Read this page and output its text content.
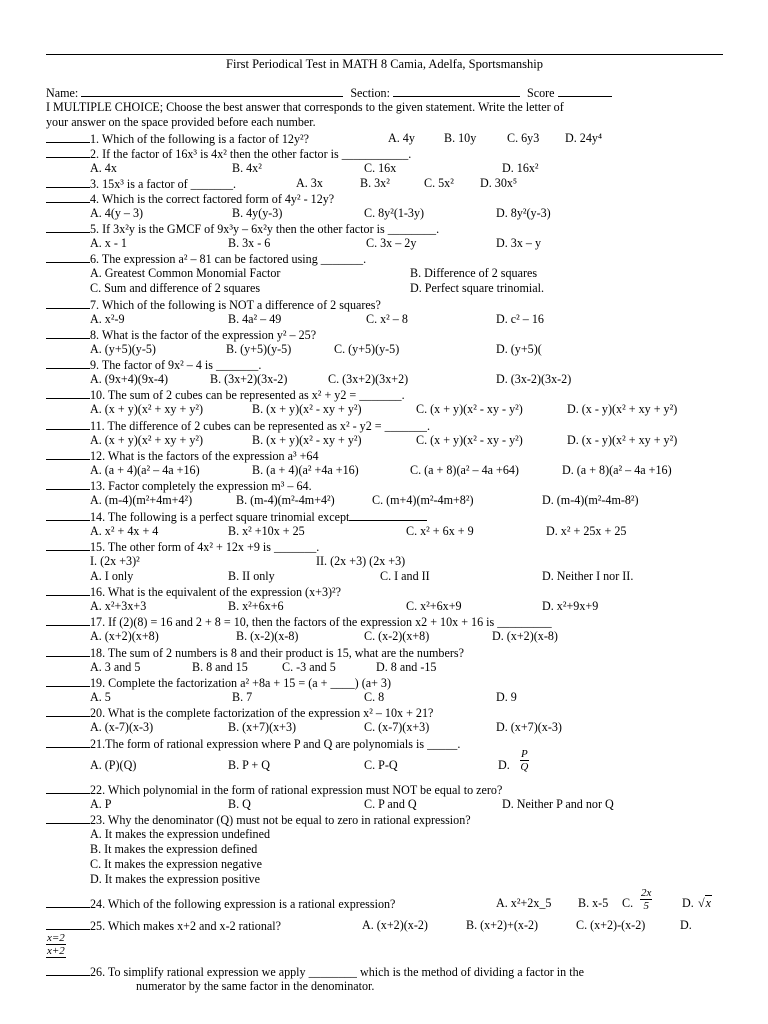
First Periodical Test in MATH 8 Camia, Adelfa, Sportsmanship
Name:	Section:	Score
I MULTIPLE CHOICE; Choose the best answer that corresponds to the given statement. Write the letter of
your answer on the space provided before each number.
1. Which of the following is a factor of 12y²?	A. 4y B. 10y	C. 6y3 D. 24y⁴
2. If the factor of 16x³ is 4x² then the other factor is ___________.
A. 4x	B. 4x²	C. 16x	D. 16x²
3. 15x³ is a factor of _______.	A. 3x	B. 3x²	C. 5x² D. 30x⁵
4. Which is the correct factored form of 4y² - 12y?
A. 4(y – 3)	B. 4y(y-3)	C. 8y²(1-3y)	D. 8y²(y-3)
5. If 3x²y is the GMCF of 9x³y – 6x²y then the other factor is ________.
A. x - 1	B. 3x - 6	C. 3x – 2y	D. 3x – y
6. The expression a² – 81 can be factored using _______.
A. Greatest Common Monomial Factor	B. Difference of 2 squares
C. Sum and difference of 2 squares	D. Perfect square trinomial.
7. Which of the following is NOT a difference of 2 squares?
A. x²-9	B. 4a² – 49	C. x² – 8	D. c² – 16
8. What is the factor of the expression y² – 25?
A. (y+5)(y-5)	B. (y+5)(y-5)	C. (y+5)(y-5)	D. (y+5)(
9. The factor of 9x² – 4 is _______.
A. (9x+4)(9x-4)	B. (3x+2)(3x-2)	C. (3x+2)(3x+2)	D. (3x-2)(3x-2)
10. The sum of 2 cubes can be represented as x² + y2 = _______.
A. (x + y)(x² + xy + y²)	B. (x + y)(x² - xy + y²)	C. (x + y)(x² - xy - y²)	D. (x - y)(x² + xy + y²)
11. The difference of 2 cubes can be represented as x² - y2 = _______.
A. (x + y)(x² + xy + y²)	B. (x + y)(x² - xy + y²)	C. (x + y)(x² - xy - y²)	D. (x - y)(x² + xy + y²)
12. What is the factors of the expression a³ +64
A. (a + 4)(a² – 4a +16)	B. (a + 4)(a² +4a +16)	C. (a + 8)(a² – 4a +64)	D. (a + 8)(a² – 4a +16)
13. Factor completely the expression m³ – 64.
A. (m-4)(m²+4m+4²)	B. (m-4)(m²-4m+4²)	C. (m+4)(m²-4m+8²)	D. (m-4)(m²-4m-8²)
14. The following is a perfect square trinomial except
A. x² + 4x + 4	B. x² +10x + 25	C. x² + 6x + 9	D. x² + 25x + 25
15. The other form of 4x² + 12x +9 is _______.
I. (2x +3)²	II. (2x +3) (2x +3)
A. I only	B. II only	C. I and II	D. Neither I nor II.
16. What is the equivalent of the expression (x+3)²?
A. x²+3x+3	B. x²+6x+6	C. x²+6x+9	D. x²+9x+9
17. If (2)(8) = 16 and 2 + 8 = 10, then the factors of the expression x2 + 10x + 16 is _________
A. (x+2)(x+8)	B. (x-2)(x-8)	C. (x-2)(x+8)	D. (x+2)(x-8)
18. The sum of 2 numbers is 8 and their product is 15, what are the numbers?
A. 3 and 5	B. 8 and 15	C. -3 and 5	D. 8 and -15
19. Complete the factorization a² +8a + 15 = (a + ____) (a+ 3)
A. 5	B. 7	C. 8	D. 9
20. What is the complete factorization of the expression x² – 10x + 21?
A. (x-7)(x-3)	B. (x+7)(x+3)	C. (x-7)(x+3)	D. (x+7)(x-3)
21.The form of rational expression where P and Q are polynomials is _____.
A. (P)(Q)	B. P + Q	C. P-Q	D. $\frac{P}{Q}$
22. Which polynomial in the form of rational expression must NOT be equal to zero?
A. P	B. Q	C. P and Q	D. Neither P and nor Q
23. Why the denominator (Q) must not be equal to zero in rational expression?
A. It makes the expression undefined
B. It makes the expression defined
C. It makes the expression negative
D. It makes the expression positive
24. Which of the following expression is a rational expression?	A. x²+2x_5 B. x-5 C. $\frac{2x}{5} D$. √x
25. Which makes x+2 and x-2 rational?	A. (x+2)(x-2)	B. (x+2)+(x-2)	C. (x+2)-(x-2)	D.
$\frac{x=2}{x+2}$
26. To simplify rational expression we apply ________ which is the method of dividing a factor in the
numerator by the same factor in the denominator.
